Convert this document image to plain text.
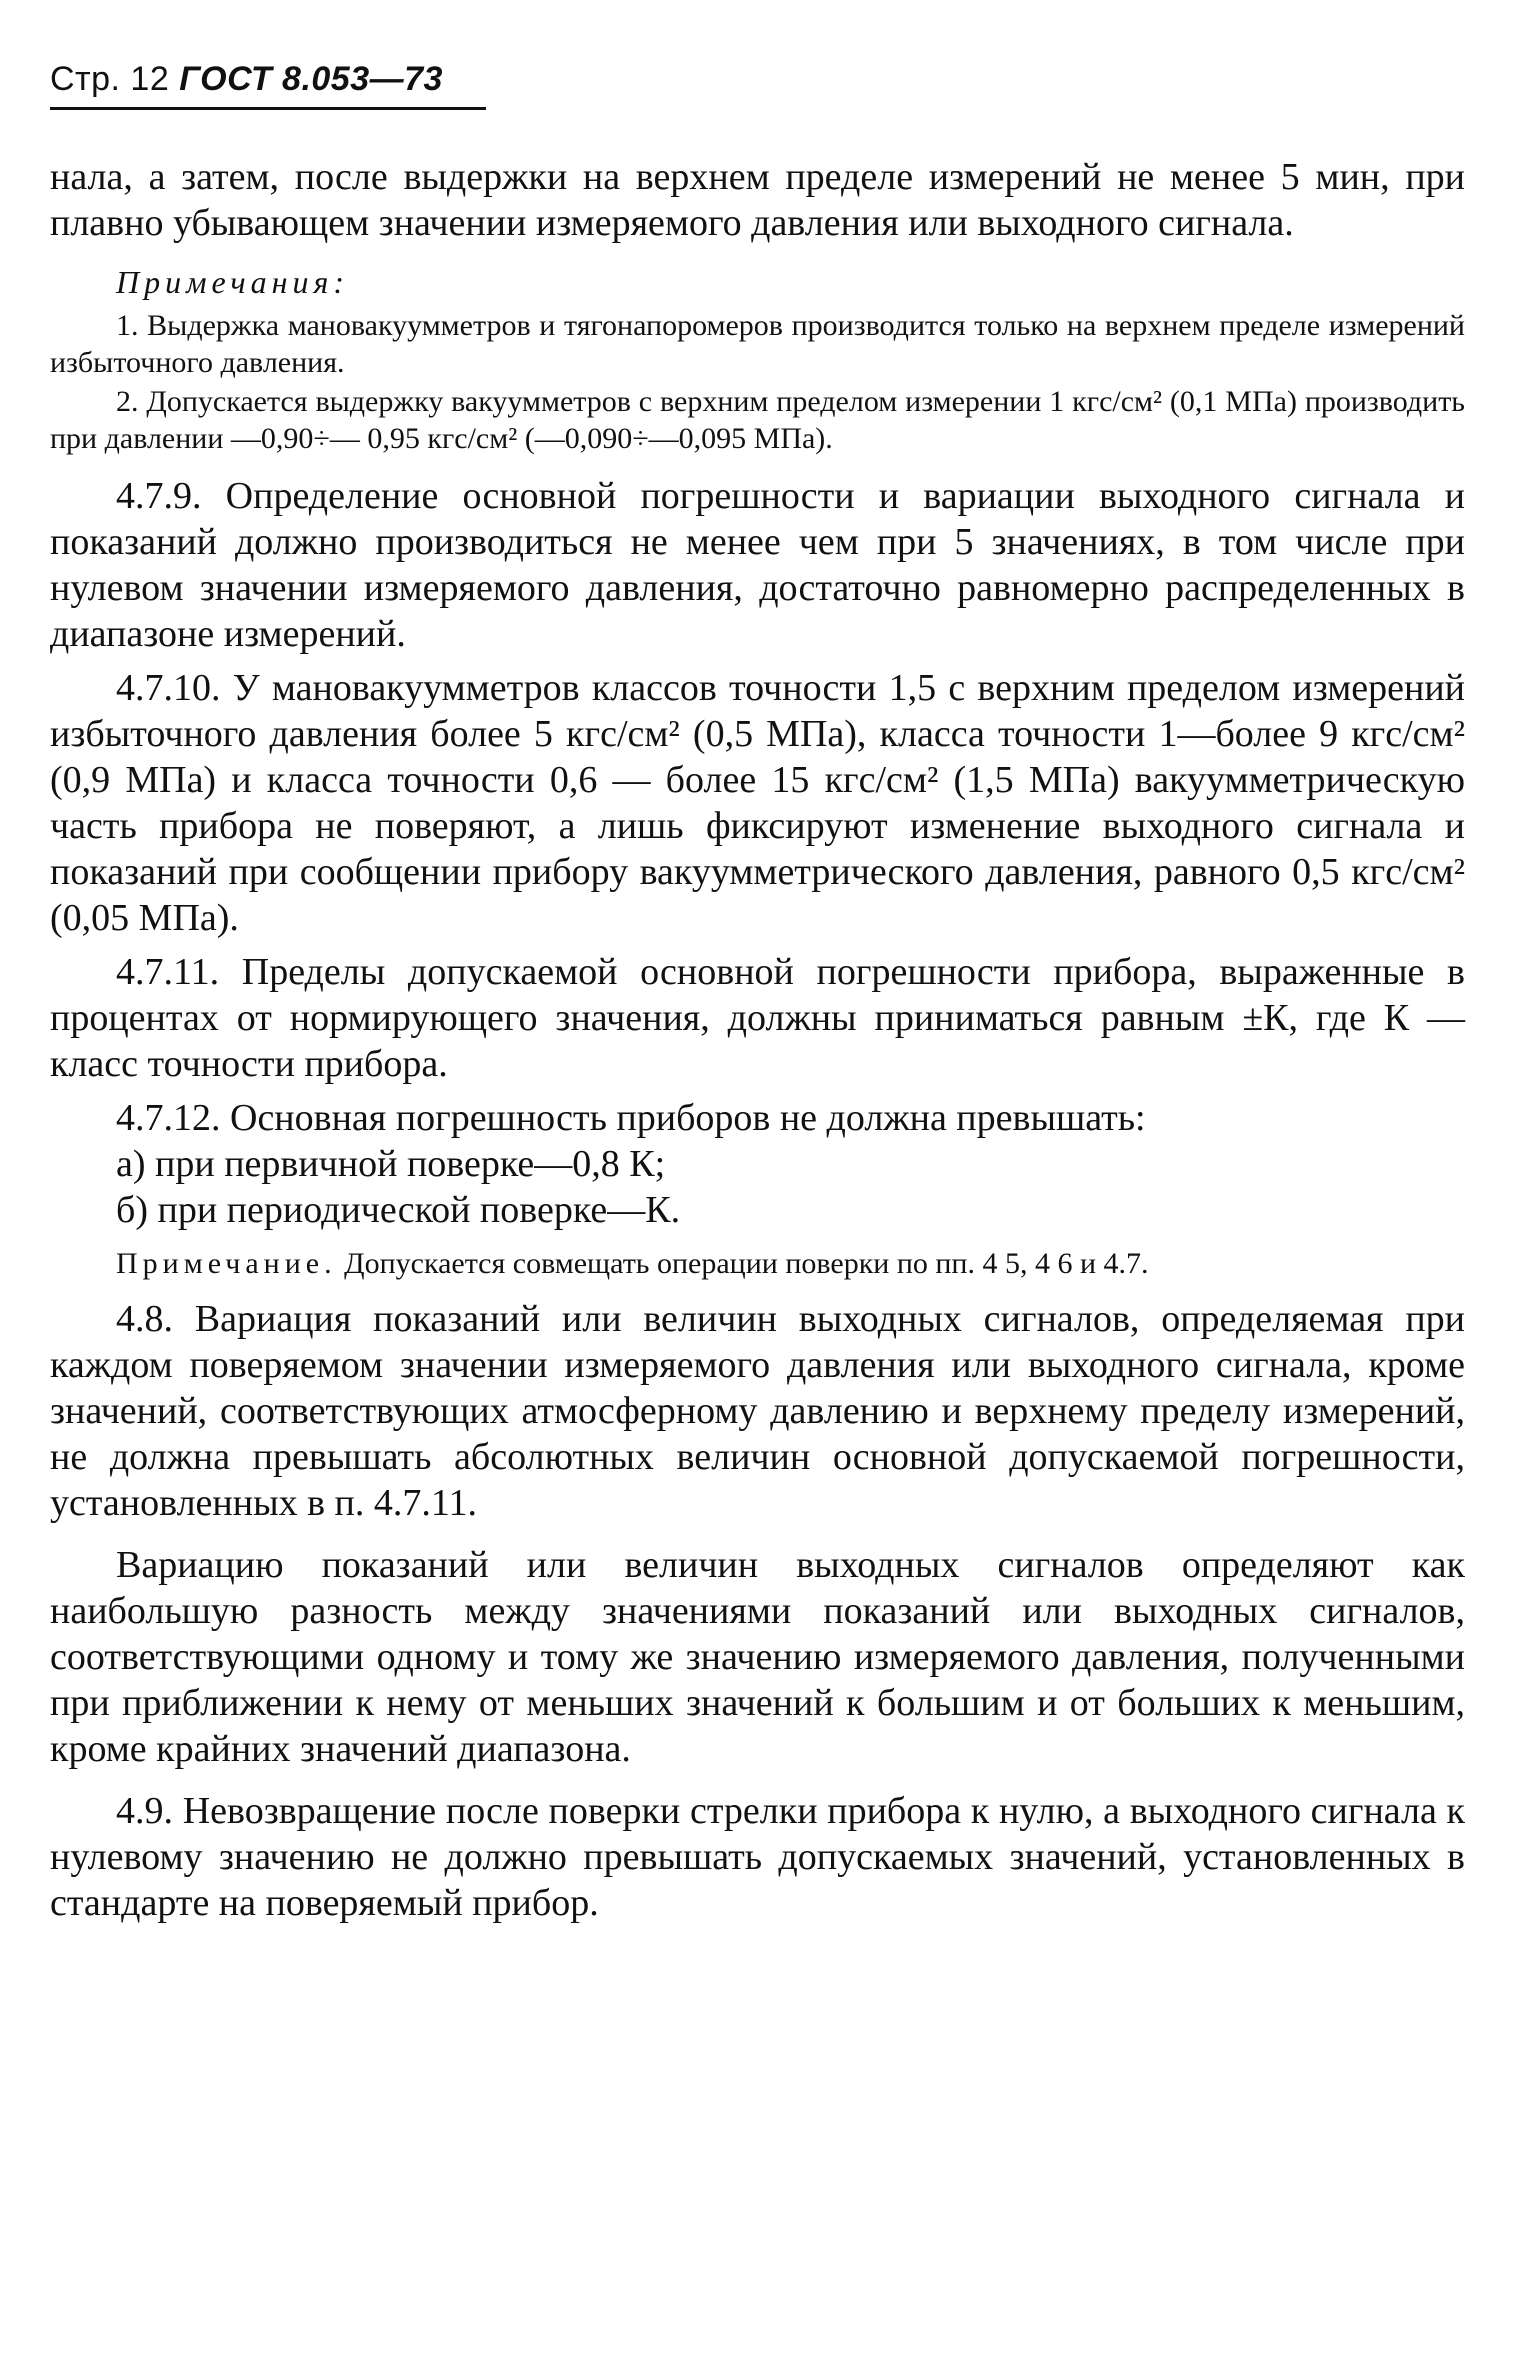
Стр. 12 ГОСТ 8.053—73

нала, а затем, после выдержки на верхнем пределе измерений не менее 5 мин, при плавно убывающем значении измеряемого давления или выходного сигнала.

Примечания:

1. Выдержка мановакуумметров и тягонапоромеров производится только на верхнем пределе измерений избыточного давления.

2. Допускается выдержку вакуумметров с верхним пределом измерении 1 кгс/см² (0,1 МПа) производить при давлении —0,90÷— 0,95 кгс/см² (—0,090÷—0,095 МПа).

4.7.9. Определение основной погрешности и вариации выходного сигнала и показаний должно производиться не менее чем при 5 значениях, в том числе при нулевом значении измеряемого давления, достаточно равномерно распределенных в диапазоне измерений.

4.7.10. У мановакуумметров классов точности 1,5 с верхним пределом измерений избыточного давления более 5 кгс/см² (0,5 МПа), класса точности 1—более 9 кгс/см² (0,9 МПа) и класса точности 0,6 — более 15 кгс/см² (1,5 МПа) вакуумметрическую часть прибора не поверяют, а лишь фиксируют изменение выходного сигнала и показаний при сообщении прибору вакуумметрического давления, равного 0,5 кгс/см² (0,05 МПа).

4.7.11. Пределы допускаемой основной погрешности прибора, выраженные в процентах от нормирующего значения, должны приниматься равным ±К, где К — класс точности прибора.

4.7.12. Основная погрешность приборов не должна превышать:

а) при первичной поверке—0,8 К;

б) при периодической поверке—К.

Примечание. Допускается совмещать операции поверки по пп. 4 5, 4 6 и 4.7.

4.8. Вариация показаний или величин выходных сигналов, определяемая при каждом поверяемом значении измеряемого давления или выходного сигнала, кроме значений, соответствующих атмосферному давлению и верхнему пределу измерений, не должна превышать абсолютных величин основной допускаемой погрешности, установленных в п. 4.7.11.

Вариацию показаний или величин выходных сигналов определяют как наибольшую разность между значениями показаний или выходных сигналов, соответствующими одному и тому же значению измеряемого давления, полученными при приближении к нему от меньших значений к большим и от больших к меньшим, кроме крайних значений диапазона.

4.9. Невозвращение после поверки стрелки прибора к нулю, а выходного сигнала к нулевому значению не должно превышать допускаемых значений, установленных в стандарте на поверяемый прибор.
